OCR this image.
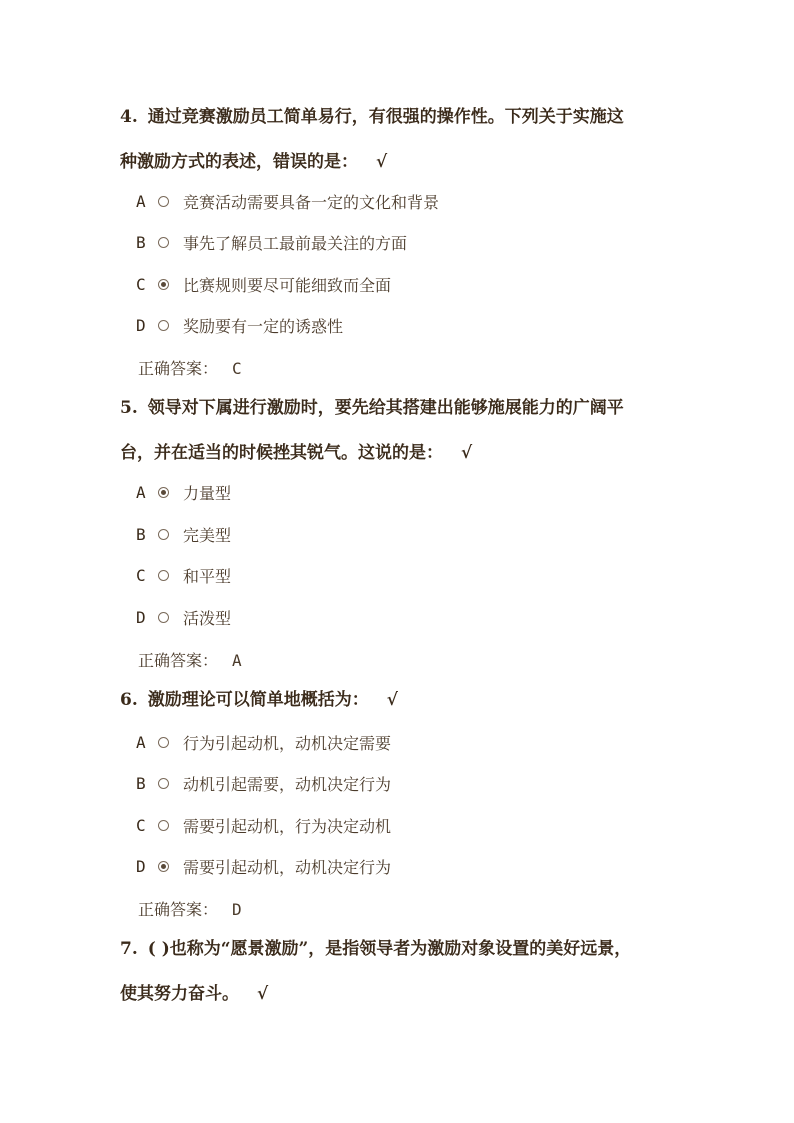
4. 通过竞赛激励员工简单易行，有很强的操作性。下列关于实施这
种激励方式的表述，错误的是： √
A	竞赛活动需要具备一定的文化和背景
B	事先了解员工最前最关注的方面
C	比赛规则要尽可能细致而全面
D	奖励要有一定的诱惑性
正确答案： C
5. 领导对下属进行激励时，要先给其搭建出能够施展能力的广阔平
台，并在适当的时候挫其锐气。这说的是： √
A	力量型
B	完美型
C	和平型
D	活泼型
正确答案： A
6. 激励理论可以简单地概括为： √
A	行为引起动机，动机决定需要
B	动机引起需要，动机决定行为
C	需要引起动机，行为决定动机
D	需要引起动机，动机决定行为
正确答案： D
7. ( )也称为“愿景激励”，是指领导者为激励对象设置的美好远景，
使其努力奋斗。 √
